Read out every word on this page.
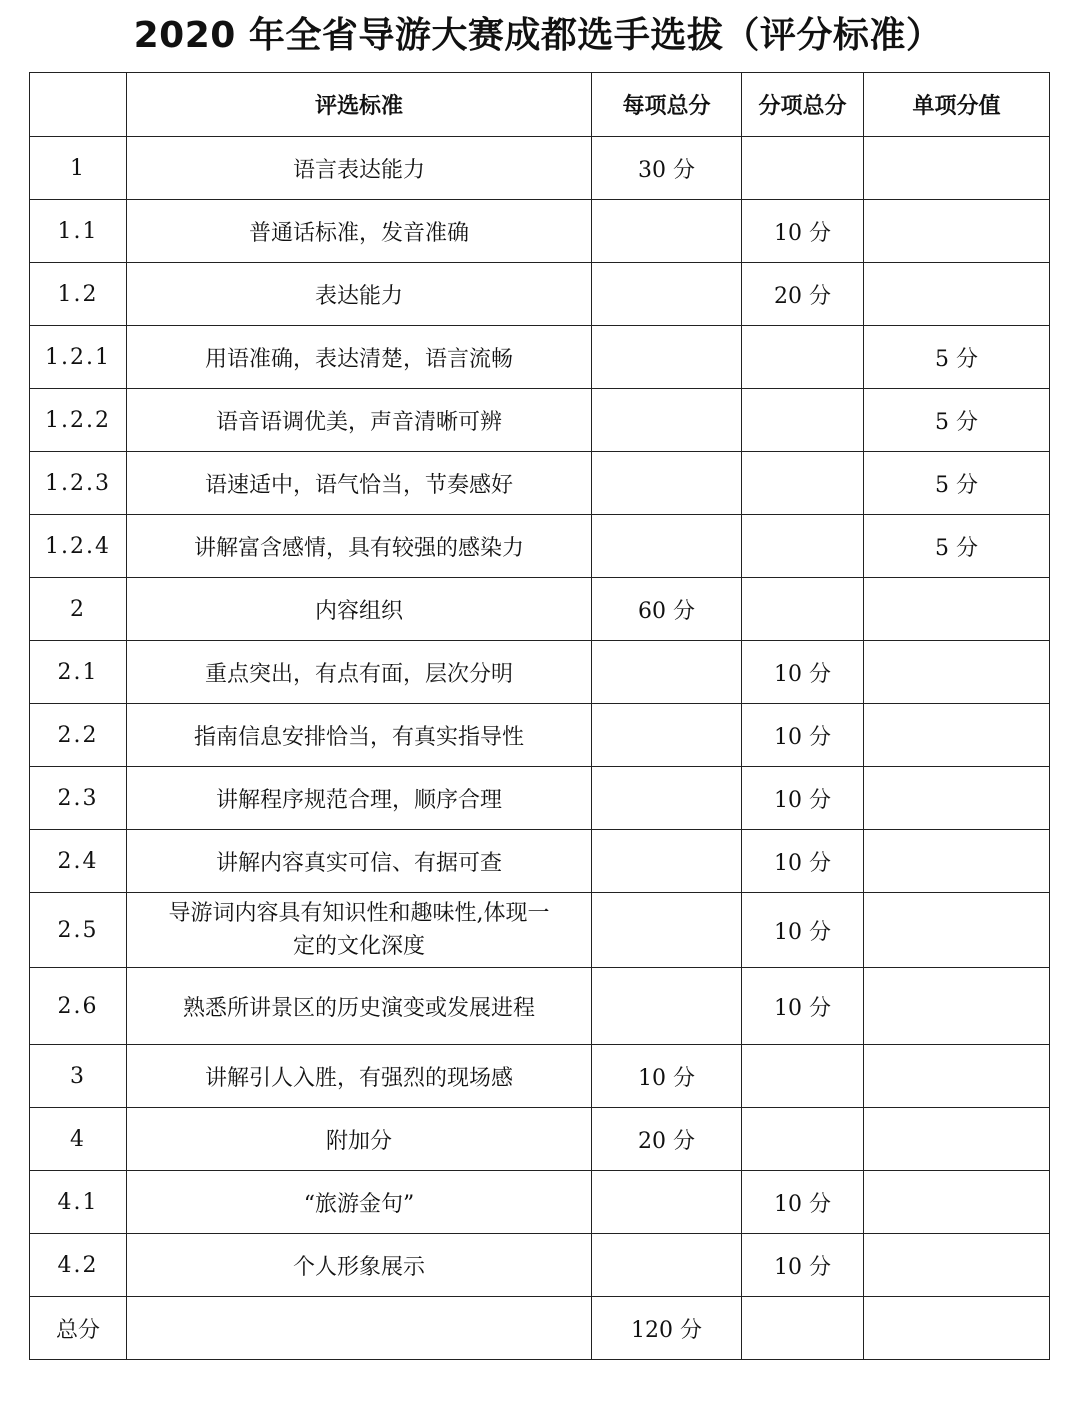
2020 年全省导游大赛成都选手选拔（评分标准）
	评选标准	每项总分	分项总分	单项分值
1	语言表达能力	30 分		
1.1	普通话标准，发音准确		10 分	
1.2	表达能力		20 分	
1.2.1	用语准确，表达清楚，语言流畅			5 分
1.2.2	语音语调优美，声音清晰可辨			5 分
1.2.3	语速适中，语气恰当，节奏感好			5 分
1.2.4	讲解富含感情，具有较强的感染力			5 分
2	内容组织	60 分		
2.1	重点突出，有点有面，层次分明		10 分	
2.2	指南信息安排恰当，有真实指导性		10 分	
2.3	讲解程序规范合理，顺序合理		10 分	
2.4	讲解内容真实可信、有据可查		10 分	
2.5	导游词内容具有知识性和趣味性,体现一
定的文化深度		10 分	
2.6	熟悉所讲景区的历史演变或发展进程		10 分	
3	讲解引人入胜，有强烈的现场感	10 分		
4	附加分	20 分		
4.1	“旅游金句”		10 分	
4.2	个人形象展示		10 分	
总分		120 分		
